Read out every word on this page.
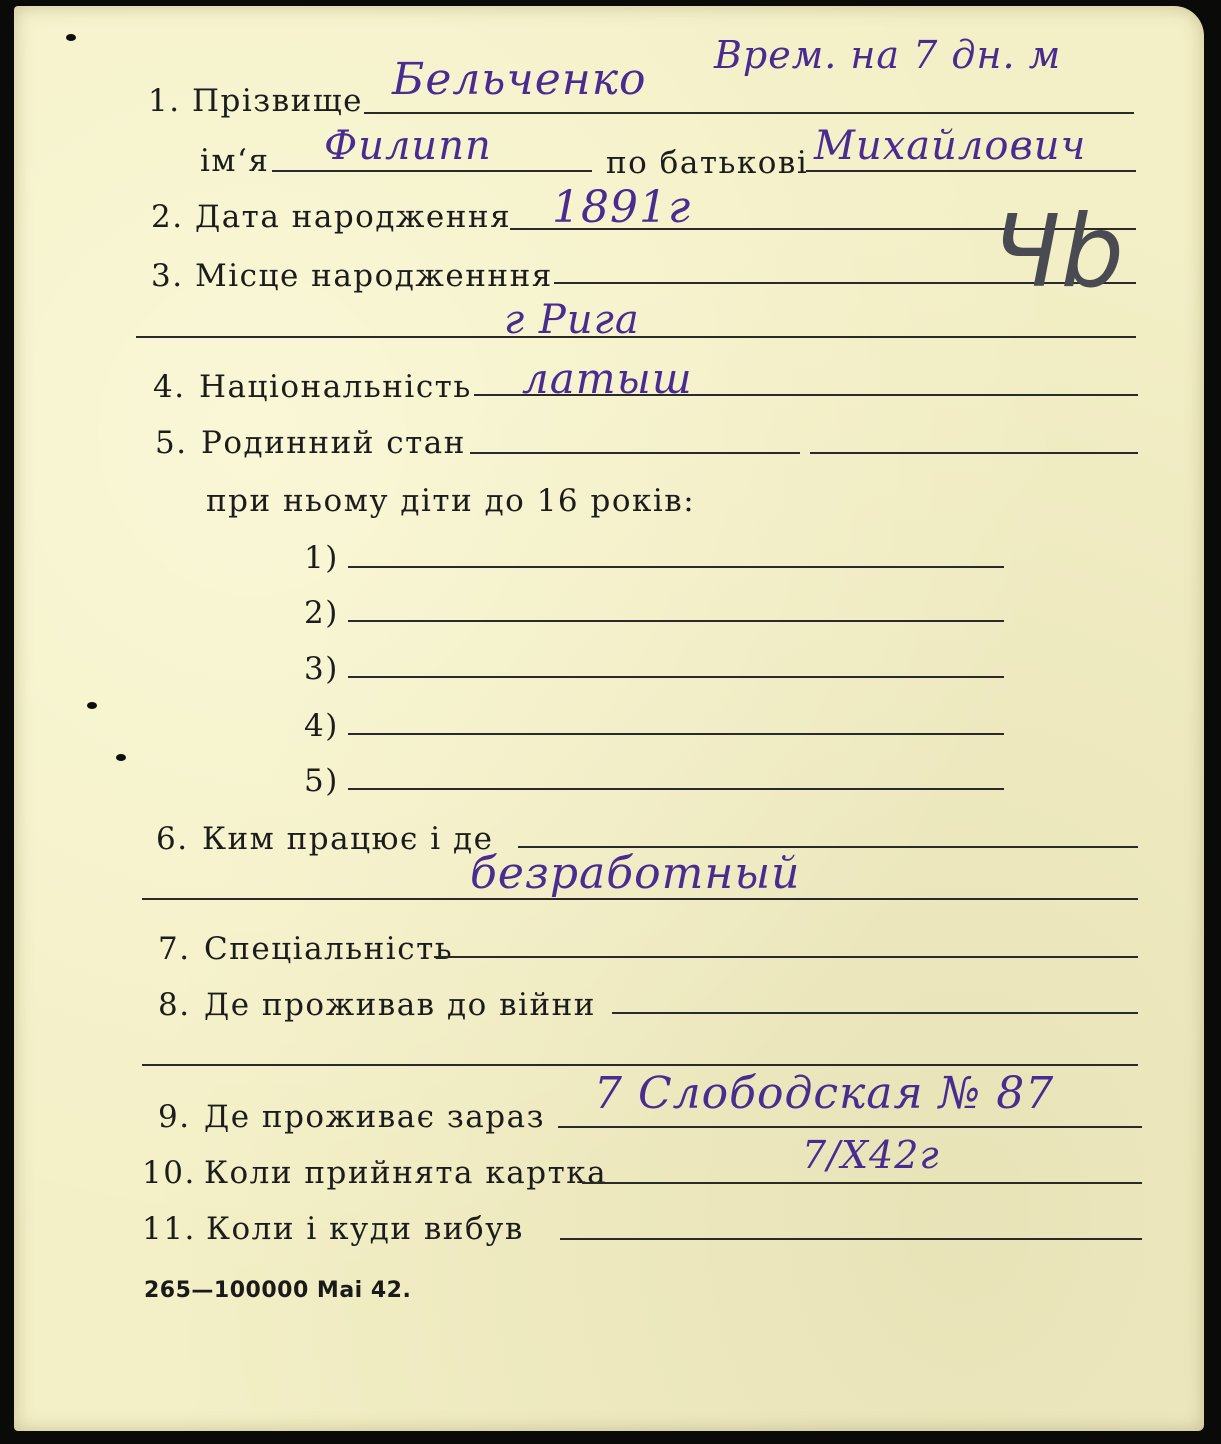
1. Прізвище Бельченко Врем. на 7 дн. м
ім‘я Филипп	по батькові Михайлович
2. Дата народження 1891г
3. Місце народженння
г Рига
Чb
4. Національність латыш
5. Родинний стан
при ньому діти до 16 років:
1)
2)
3)
4)
5)
6. Ким працює і де
безработный
7. Спеціальність
8. Де проживав до війни
9. Де проживає зараз 7 Слободская № 87
10. Коли прийнята картка	7/X42г
11. Коли і куди вибув
265—100000 Mai 42.
